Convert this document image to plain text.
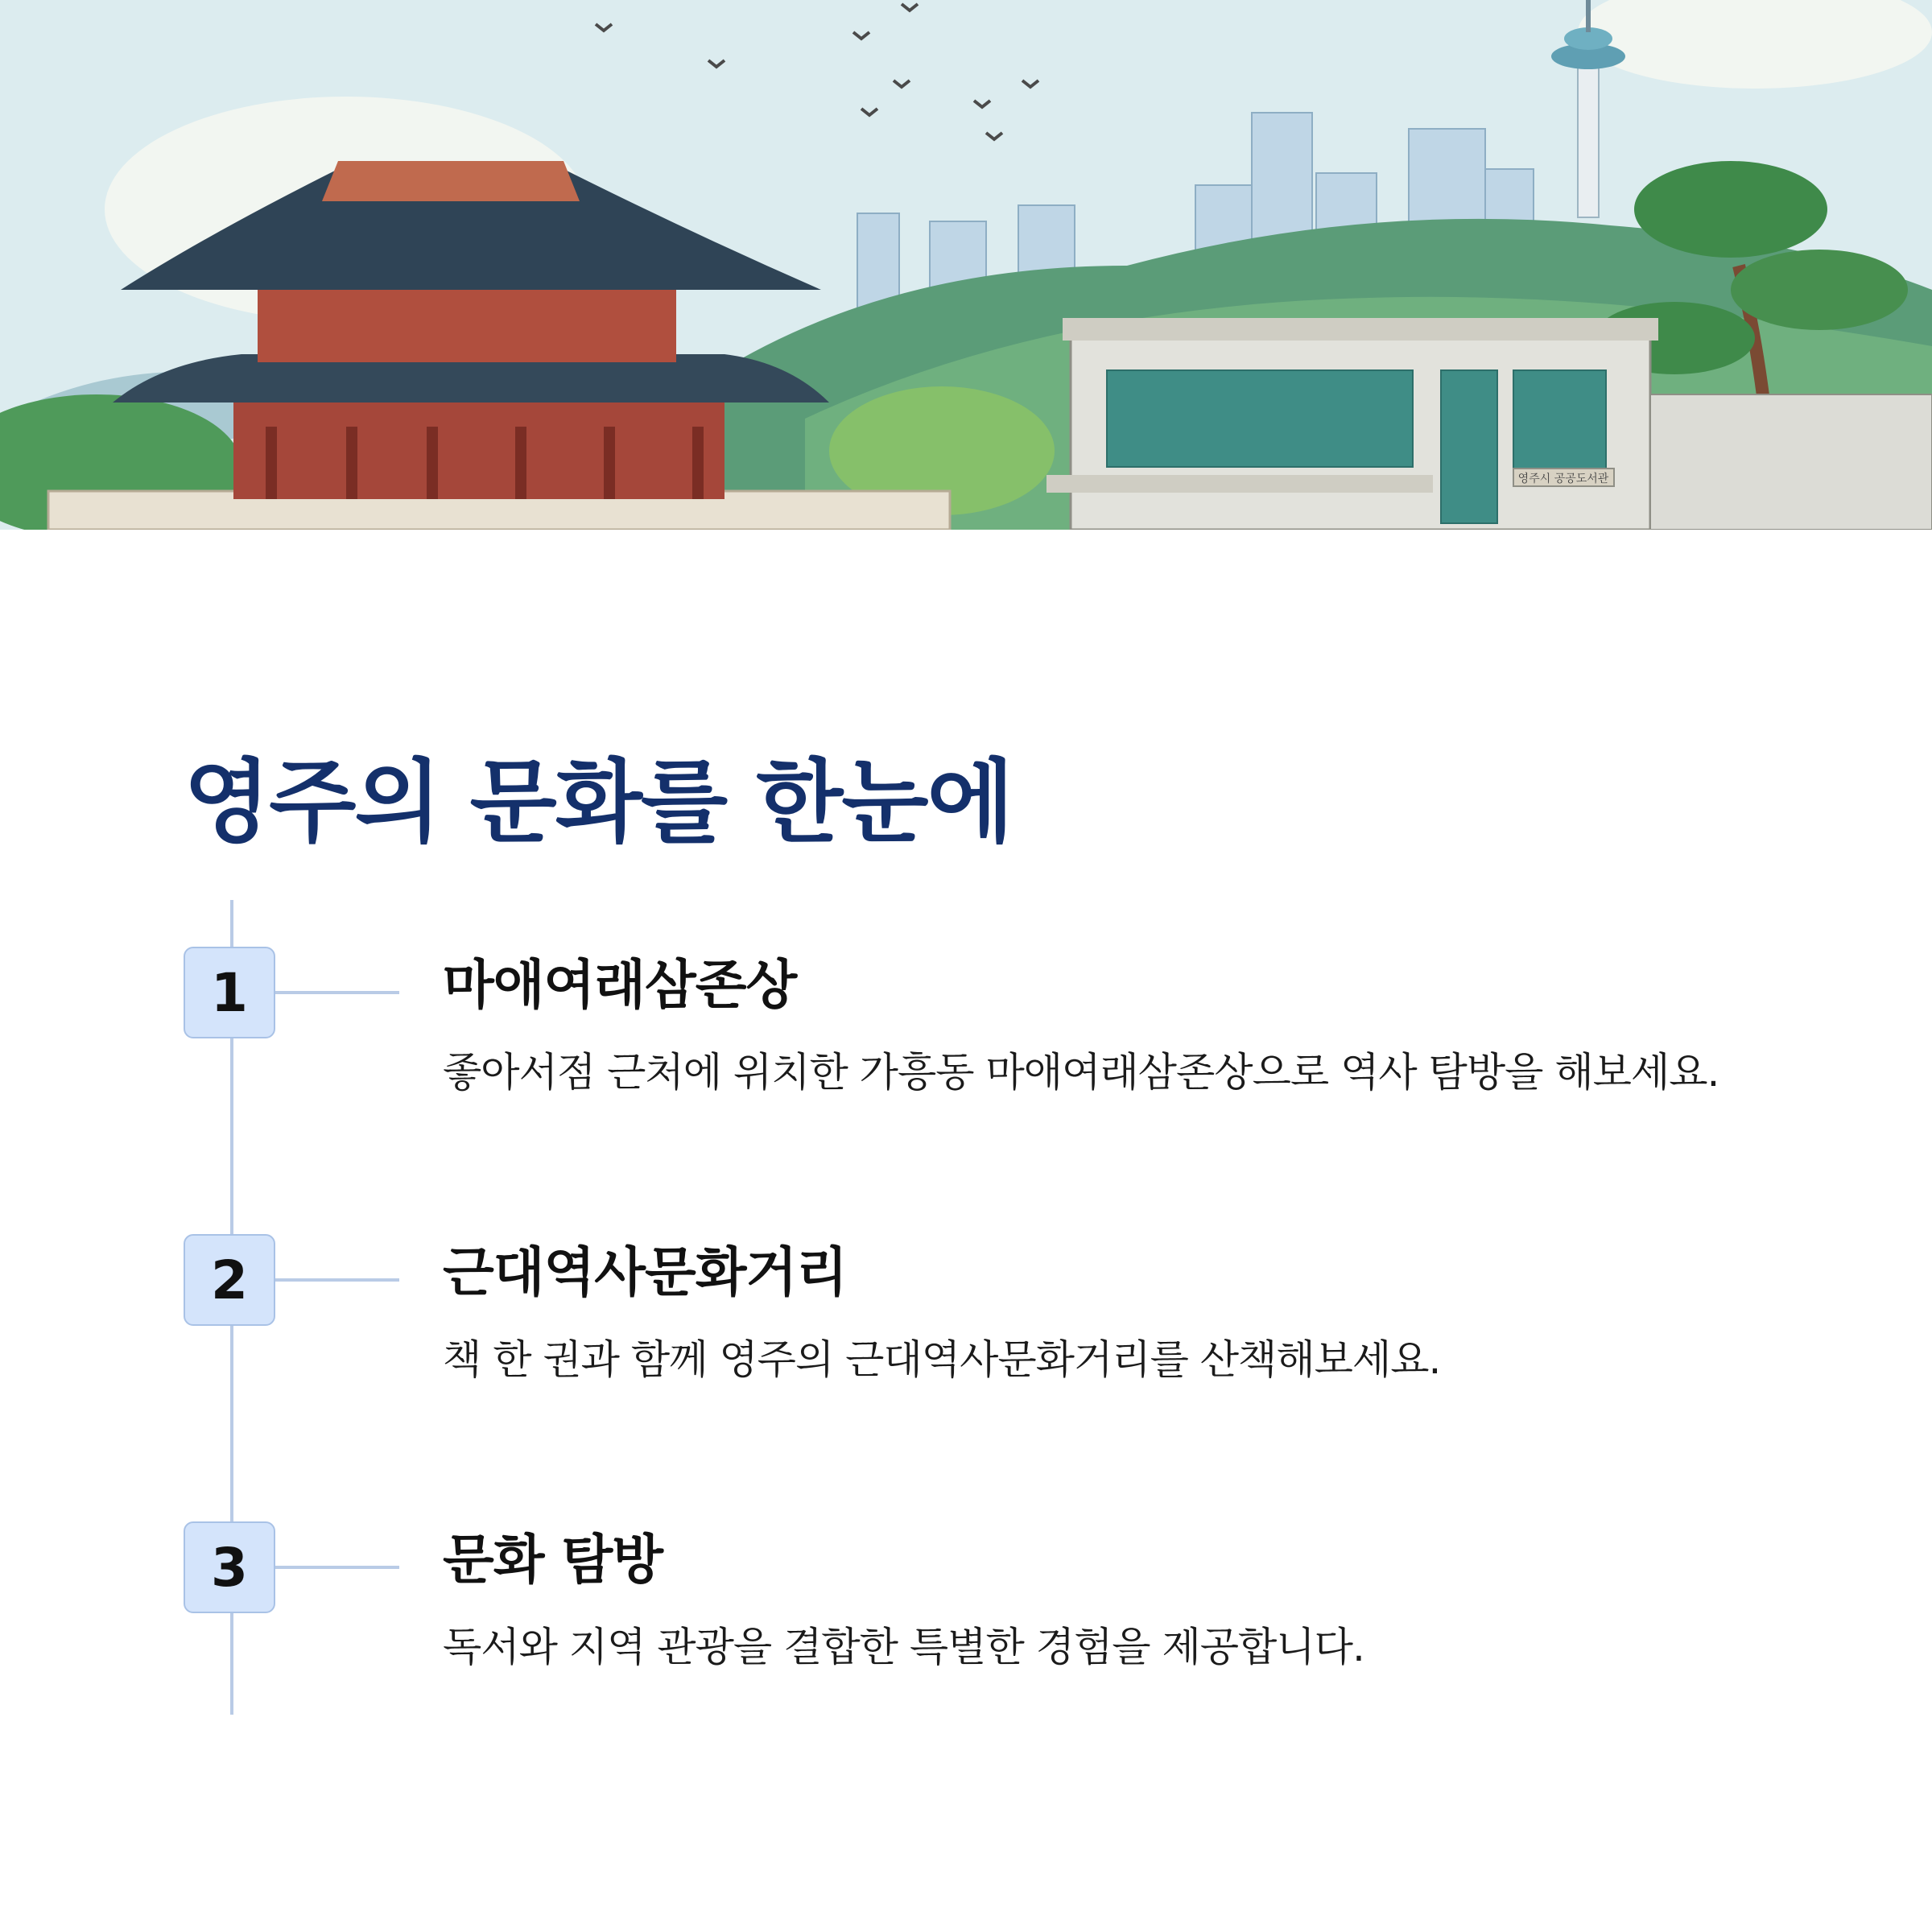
영주시 공공도서관
영주의 문화를 한눈에
1	마애여래삼존상

좋아서점 근처에 위치한 가흥동 마애여래삼존상으로 역사 탐방을 해보세요.

2	근대역사문화거리

책 한 권과 함께 영주의 근대역사문화거리를 산책해보세요.

3	문화 탐방

독서와 지역 관광을 결합한 특별한 경험을 제공합니다.
